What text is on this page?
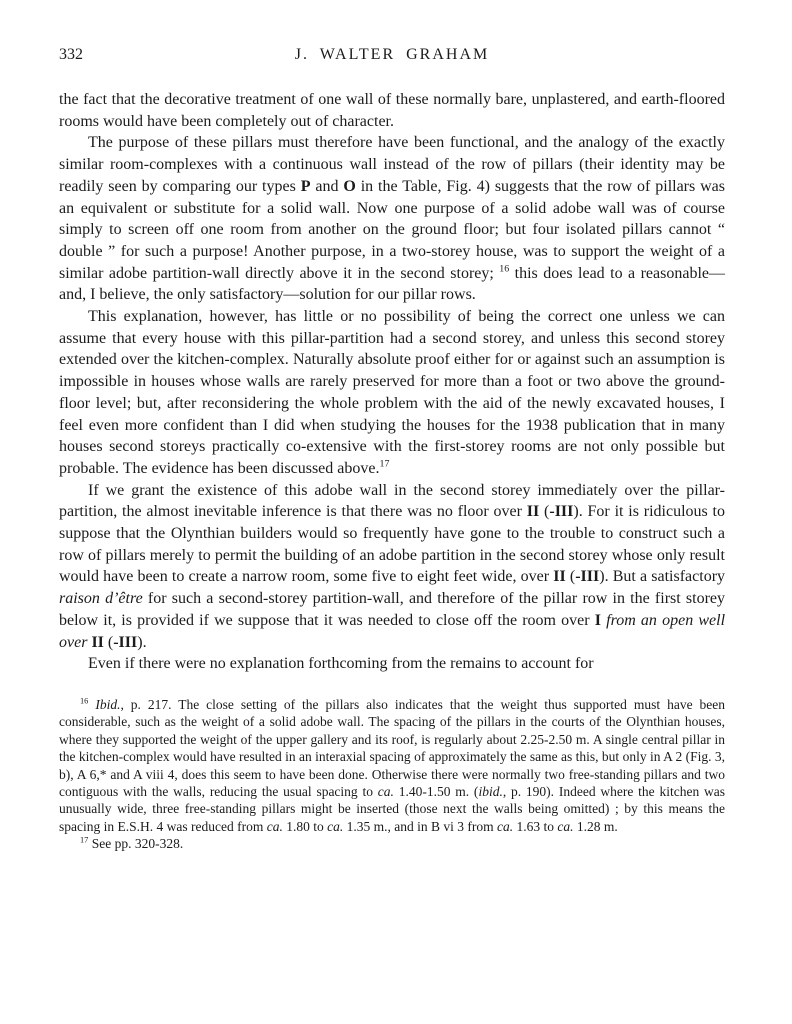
332	J. WALTER GRAHAM

the fact that the decorative treatment of one wall of these normally bare, unplastered, and earth-floored rooms would have been completely out of character.

The purpose of these pillars must therefore have been functional, and the analogy of the exactly similar room-complexes with a continuous wall instead of the row of pillars (their identity may be readily seen by comparing our types P and O in the Table, Fig. 4) suggests that the row of pillars was an equivalent or substitute for a solid wall. Now one purpose of a solid adobe wall was of course simply to screen off one room from another on the ground floor; but four isolated pillars cannot “ double ” for such a purpose! Another purpose, in a two-storey house, was to support the weight of a similar adobe partition-wall directly above it in the second storey; $^{16}$ this does lead to a reasonable—and, I believe, the only satisfactory—solution for our pillar rows.

This explanation, however, has little or no possibility of being the correct one unless we can assume that every house with this pillar-partition had a second storey, and unless this second storey extended over the kitchen-complex. Naturally absolute proof either for or against such an assumption is impossible in houses whose walls are rarely preserved for more than a foot or two above the ground-floor level; but, after reconsidering the whole problem with the aid of the newly excavated houses, I feel even more confident than I did when studying the houses for the 1938 publication that in many houses second storeys practically co-extensive with the first-storey rooms are not only possible but probable. The evidence has been discussed above.$^{17}$

If we grant the existence of this adobe wall in the second storey immediately over the pillar-partition, the almost inevitable inference is that there was no floor over II (-III). For it is ridiculous to suppose that the Olynthian builders would so frequently have gone to the trouble to construct such a row of pillars merely to permit the building of an adobe partition in the second storey whose only result would have been to create a narrow room, some five to eight feet wide, over II (-III). But a satisfactory raison d’être for such a second-storey partition-wall, and therefore of the pillar row in the first storey below it, is provided if we suppose that it was needed to close off the room over I from an open well over II (-III).

Even if there were no explanation forthcoming from the remains to account for

$^{16}$ Ibid., p. 217. The close setting of the pillars also indicates that the weight thus supported must have been considerable, such as the weight of a solid adobe wall. The spacing of the pillars in the courts of the Olynthian houses, where they supported the weight of the upper gallery and its roof, is regularly about 2.25-2.50 m. A single central pillar in the kitchen-complex would have resulted in an interaxial spacing of approximately the same as this, but only in A 2 (Fig. 3, b), A 6,* and A viii 4, does this seem to have been done. Otherwise there were normally two free-standing pillars and two contiguous with the walls, reducing the usual spacing to ca. 1.40-1.50 m. (ibid., p. 190). Indeed where the kitchen was unusually wide, three free-standing pillars might be inserted (those next the walls being omitted) ; by this means the spacing in E.S.H. 4 was reduced from ca. 1.80 to ca. 1.35 m., and in B vi 3 from ca. 1.63 to ca. 1.28 m.

$^{17}$ See pp. 320-328.
